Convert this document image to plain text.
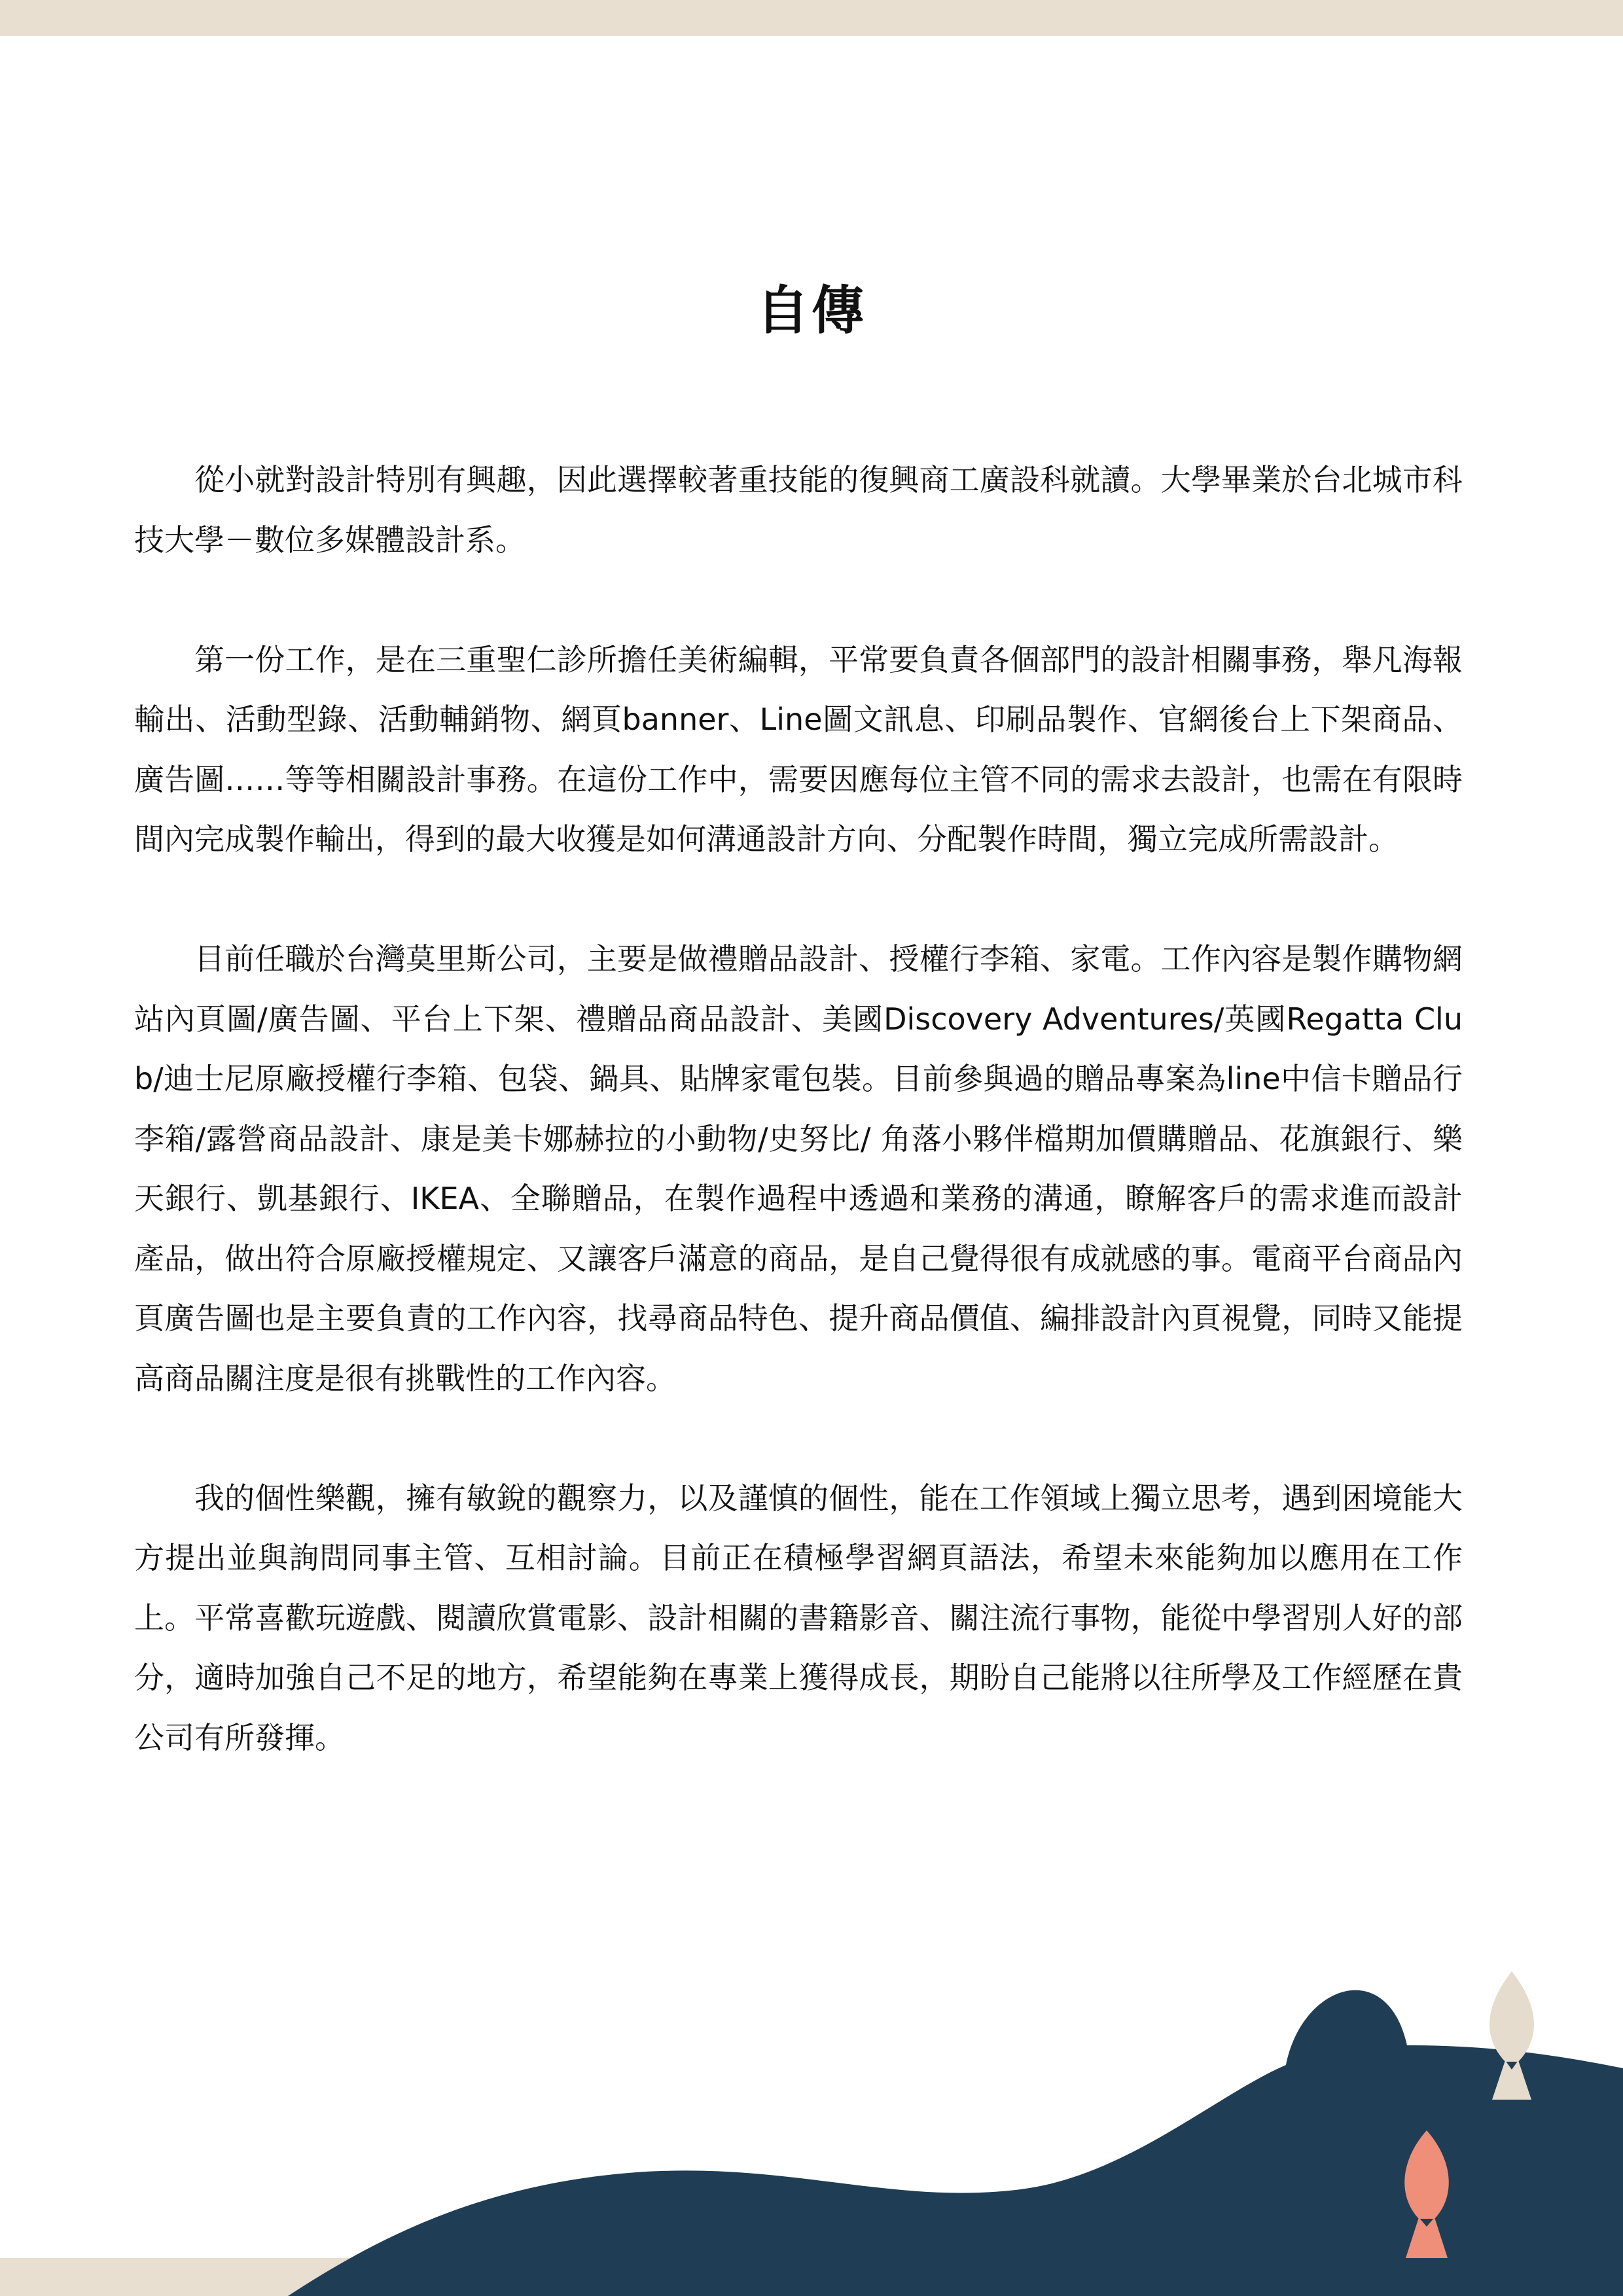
自傳

從小就對設計特別有興趣，因此選擇較著重技能的復興商工廣設科就讀。大學畢業於台北城市科技大學－數位多媒體設計系。

第一份工作，是在三重聖仁診所擔任美術編輯，平常要負責各個部門的設計相關事務，舉凡海報輸出、活動型錄、活動輔銷物、網頁banner、Line圖文訊息、印刷品製作、官網後台上下架商品、廣告圖……等等相關設計事務。在這份工作中，需要因應每位主管不同的需求去設計，也需在有限時間內完成製作輸出，得到的最大收獲是如何溝通設計方向、分配製作時間，獨立完成所需設計。

目前任職於台灣莫里斯公司，主要是做禮贈品設計、授權行李箱、家電。工作內容是製作購物網站內頁圖/廣告圖、平台上下架、禮贈品商品設計、美國Discovery Adventures/英國Regatta Club/迪士尼原廠授權行李箱、包袋、鍋具、貼牌家電包裝。目前參與過的贈品專案為line中信卡贈品行李箱/露營商品設計、康是美卡娜赫拉的小動物/史努比/ 角落小夥伴檔期加價購贈品、花旗銀行、樂天銀行、凱基銀行、IKEA、全聯贈品，在製作過程中透過和業務的溝通，瞭解客戶的需求進而設計產品，做出符合原廠授權規定、又讓客戶滿意的商品，是自己覺得很有成就感的事。電商平台商品內頁廣告圖也是主要負責的工作內容，找尋商品特色、提升商品價值、編排設計內頁視覺，同時又能提高商品關注度是很有挑戰性的工作內容。

我的個性樂觀，擁有敏銳的觀察力，以及謹慎的個性，能在工作領域上獨立思考，遇到困境能大方提出並與詢問同事主管、互相討論。目前正在積極學習網頁語法，希望未來能夠加以應用在工作上。平常喜歡玩遊戲、閱讀欣賞電影、設計相關的書籍影音、關注流行事物，能從中學習別人好的部分，適時加強自己不足的地方，希望能夠在專業上獲得成長，期盼自己能將以往所學及工作經歷在貴公司有所發揮。
